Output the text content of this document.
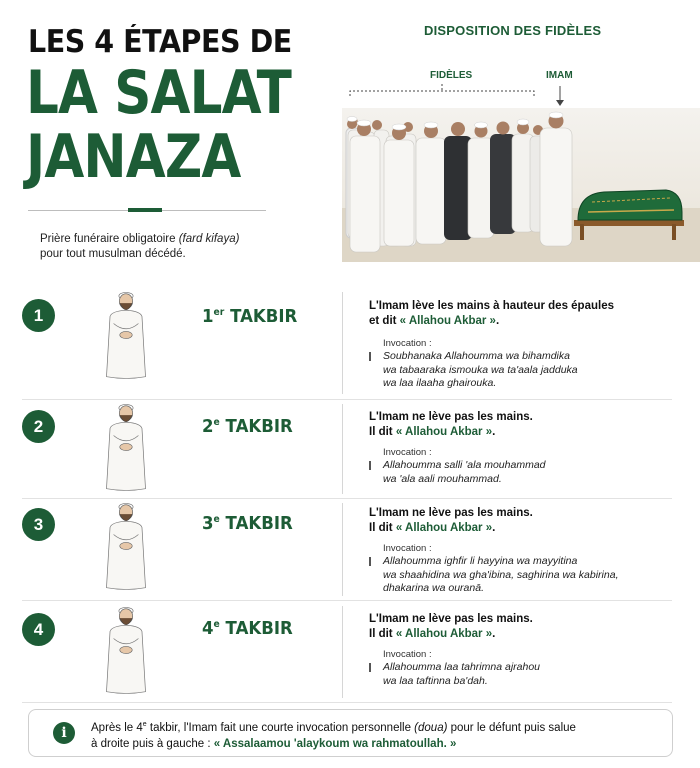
LES 4 ÉTAPES DE
LA SALAT
JANAZA
Prière funéraire obligatoire (fard kifaya)
pour tout musulman décédé.
DISPOSITION DES FIDÈLES
FIDÈLES	IMAM
1	1er TAKBIR	L'Imam lève les mains à hauteur des épaules
et dit « Allahou Akbar ».
Invocation :
Soubhanaka Allahoumma wa bihamdika
wa tabaaraka ismouka wa ta'aala jadduka
wa laa ilaaha ghairouka.
2	2e TAKBIR	L'Imam ne lève pas les mains.
Il dit « Allahou Akbar ».
Invocation :
Allahoumma salli 'ala mouhammad
wa 'ala aali mouhammad.
3	3e TAKBIR	L'Imam ne lève pas les mains.
Il dit « Allahou Akbar ».
Invocation :
Allahoumma ighfir li hayyina wa mayyitina
wa shaahidina wa gha'ibina, saghirina wa kabirina,
dhakarina wa ouranā.
4	4e TAKBIR	L'Imam ne lève pas les mains.
Il dit « Allahou Akbar ».
Invocation :
Allahoumma laa tahrimna ajrahou
wa laa taftinna ba'dah.
i	Après le 4e takbir, l'Imam fait une courte invocation personnelle (doua) pour le défunt puis salue
à droite puis à gauche : « Assalaamou 'alaykoum wa rahmatoullah. »
